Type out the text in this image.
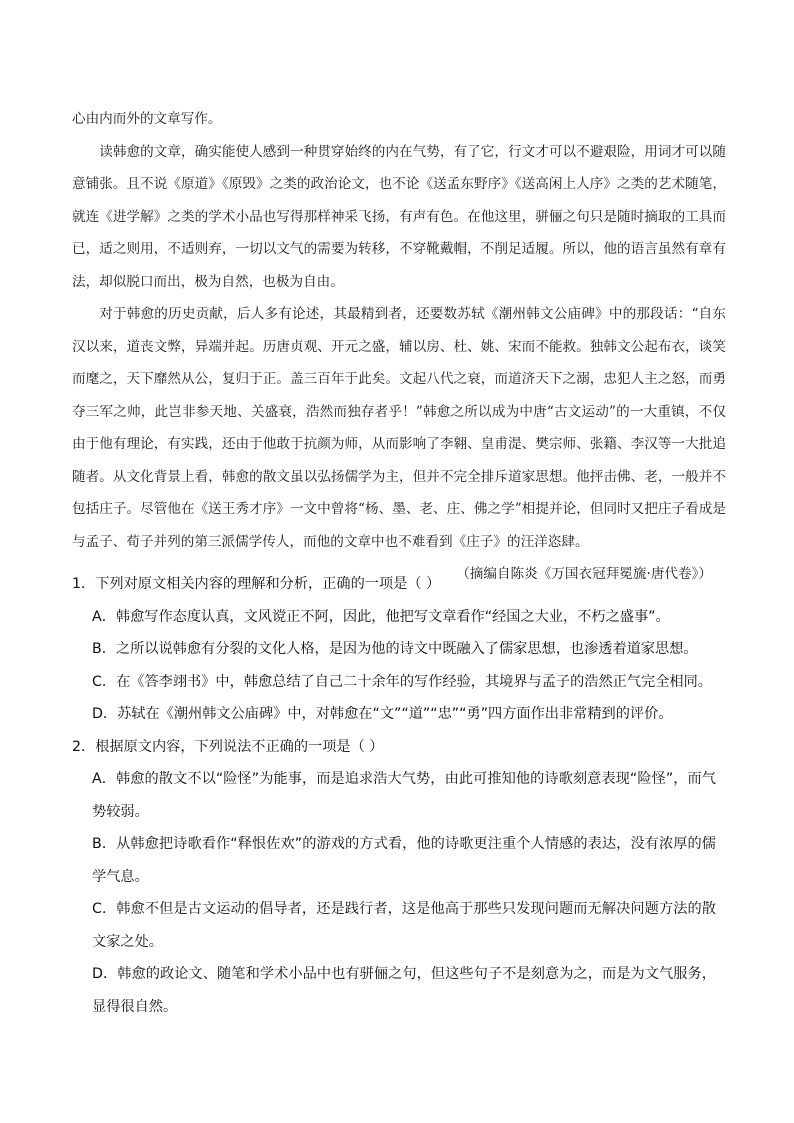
心由内而外的文章写作。

读韩愈的文章，确实能使人感到一种贯穿始终的内在气势，有了它，行文才可以不避艰险，用词才可以随意铺张。且不说《原道》《原毁》之类的政治论文，也不论《送孟东野序》《送高闲上人序》之类的艺术随笔，就连《进学解》之类的学术小品也写得那样神采飞扬，有声有色。在他这里，骈俪之句只是随时摘取的工具而已，适之则用，不适则弃，一切以文气的需要为转移，不穿靴戴帽，不削足适履。所以，他的语言虽然有章有法，却似脱口而出，极为自然，也极为自由。

对于韩愈的历史贡献，后人多有论述，其最精到者，还要数苏轼《潮州韩文公庙碑》中的那段话：“自东汉以来，道丧文弊，异端并起。历唐贞观、开元之盛，辅以房、杜、姚、宋而不能救。独韩文公起布衣，谈笑而麾之，天下靡然从公，复归于正。盖三百年于此矣。文起八代之衰，而道济天下之溺，忠犯人主之怒，而勇夺三军之帅，此岂非参天地、关盛衰，浩然而独存者乎！”韩愈之所以成为中唐“古文运动”的一大重镇，不仅由于他有理论，有实践，还由于他敢于抗颜为师，从而影响了李翱、皇甫湜、樊宗师、张籍、李汉等一大批追随者。从文化背景上看，韩愈的散文虽以弘扬儒学为主，但并不完全排斥道家思想。他抨击佛、老，一般并不包括庄子。尽管他在《送王秀才序》一文中曾将“杨、墨、老、庄、佛之学”相提并论，但同时又把庄子看成是与孟子、荀子并列的第三派儒学传人，而他的文章中也不难看到《庄子》的汪洋恣肆。

（摘编自陈炎《万国衣冠拜冕旒·唐代卷》）

1．下列对原文相关内容的理解和分析，正确的一项是（ ）
A．韩愈写作态度认真，文风谠正不阿，因此，他把写文章看作“经国之大业，不朽之盛事”。
B．之所以说韩愈有分裂的文化人格，是因为他的诗文中既融入了儒家思想，也渗透着道家思想。
C．在《答李翊书》中，韩愈总结了自己二十余年的写作经验，其境界与孟子的浩然正气完全相同。
D．苏轼在《潮州韩文公庙碑》中，对韩愈在“文”“道”“忠”“勇”四方面作出非常精到的评价。
2．根据原文内容，下列说法不正确的一项是（ ）
A．韩愈的散文不以“险怪”为能事，而是追求浩大气势，由此可推知他的诗歌刻意表现“险怪”，而气势较弱。
B．从韩愈把诗歌看作“释恨佐欢”的游戏的方式看，他的诗歌更注重个人情感的表达，没有浓厚的儒学气息。
C．韩愈不但是古文运动的倡导者，还是践行者，这是他高于那些只发现问题而无解决问题方法的散文家之处。
D．韩愈的政论文、随笔和学术小品中也有骈俪之句，但这些句子不是刻意为之，而是为文气服务，显得很自然。
